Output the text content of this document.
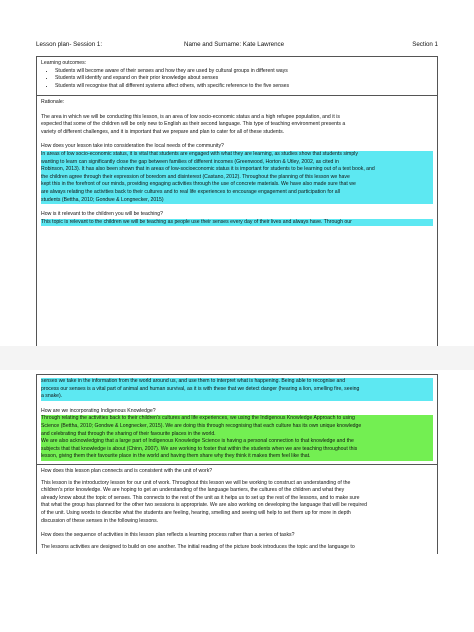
Lesson plan- Session 1:	Name and Surname: Kate Lawrence	Section 1

Learning outcomes:

• Students will become aware of their senses and how they are used by cultural groups in different ways
• Students will identify and expand on their prior knowledge about senses
• Students will recognise that all different systems affect others, with specific reference to the five senses

Rationale:

The area in which we will be conducting this lesson, is an area of low socio-economic status and a high refugee population, and it is

expected that some of the children will be only new to English as their second language. This type of teaching environment presents a

variety of different challenges, and it is important that we prepare and plan to cater for all of these students.

How does your lesson take into consideration the local needs of the community?

In areas of low socio-economic status, it is vital that students are engaged with what they are learning, as studies show that students simply

wanting to learn can significantly close the gap between families of different incomes (Greenwood, Horton & Utley, 2002, as cited in

Robinson, 2013). It has also been shown that in areas of low-socioeconomic status it is important for students to be learning out of a text book, and

the children agree through their expression of boredom and disinterest (Castano, 2012). Throughout the planning of this lesson we have

kept this in the forefront of our minds, providing engaging activities through the use of concrete materials. We have also made sure that we

are always relating the activities back to their cultures and to real life experiences to encourage engagement and participation for all

students (Bettha, 2010; Gondwe & Longnecker, 2015)

How is it relevant to the children you will be teaching?

This topic is relevant to the children we will be teaching as people use their senses every day of their lives and always have. Through our

senses we take in the information from the world around us, and use them to interpret what is happening. Being able to recognise and

process our senses is a vital part of animal and human survival, as it is with these that we detect danger (hearing a lion, smelling fire, seeing

a snake).

How are we incorporating Indigenous Knowledge?

Through relating the activities back to their children's cultures and life experiences, we using the Indigenous Knowledge Approach to using

Science (Bettha, 2010; Gondwe & Longnecker, 2015). We are doing this through recognising that each culture has its own unique knowledge

and celebrating that through the sharing of their favourite places in the world.

We are also acknowledging that a large part of Indigenous Knowledge Science is having a personal connection to that knowledge and the

subjects that that knowledge is about (Chinn, 2007). We are working to foster that within the students when we are teaching throughout this

lesson, giving them their favourite place in the world and having them share why they think it makes them feel like that.

How does this lesson plan connects and is consistent with the unit of work?

This lesson is the introductory lesson for our unit of work. Throughout this lesson we will be working to construct an understanding of the

children's prior knowledge. We are hoping to get an understanding of the language barriers, the cultures of the children and what they

already know about the topic of senses. This connects to the rest of the unit as it helps us to set up the rest of the lessons, and to make sure

that what the group has planned for the other two sessions is appropriate. We are also working on developing the language that will be required

of the unit. Using words to describe what the students are feeling, hearing, smelling and seeing will help to set them up for more in depth

discussion of these senses in the following lessons.

How does the sequence of activities in this lesson plan reflects a learning process rather than a series of tasks?

The lessons activities are designed to build on one another. The initial reading of the picture book introduces the topic and the language to
